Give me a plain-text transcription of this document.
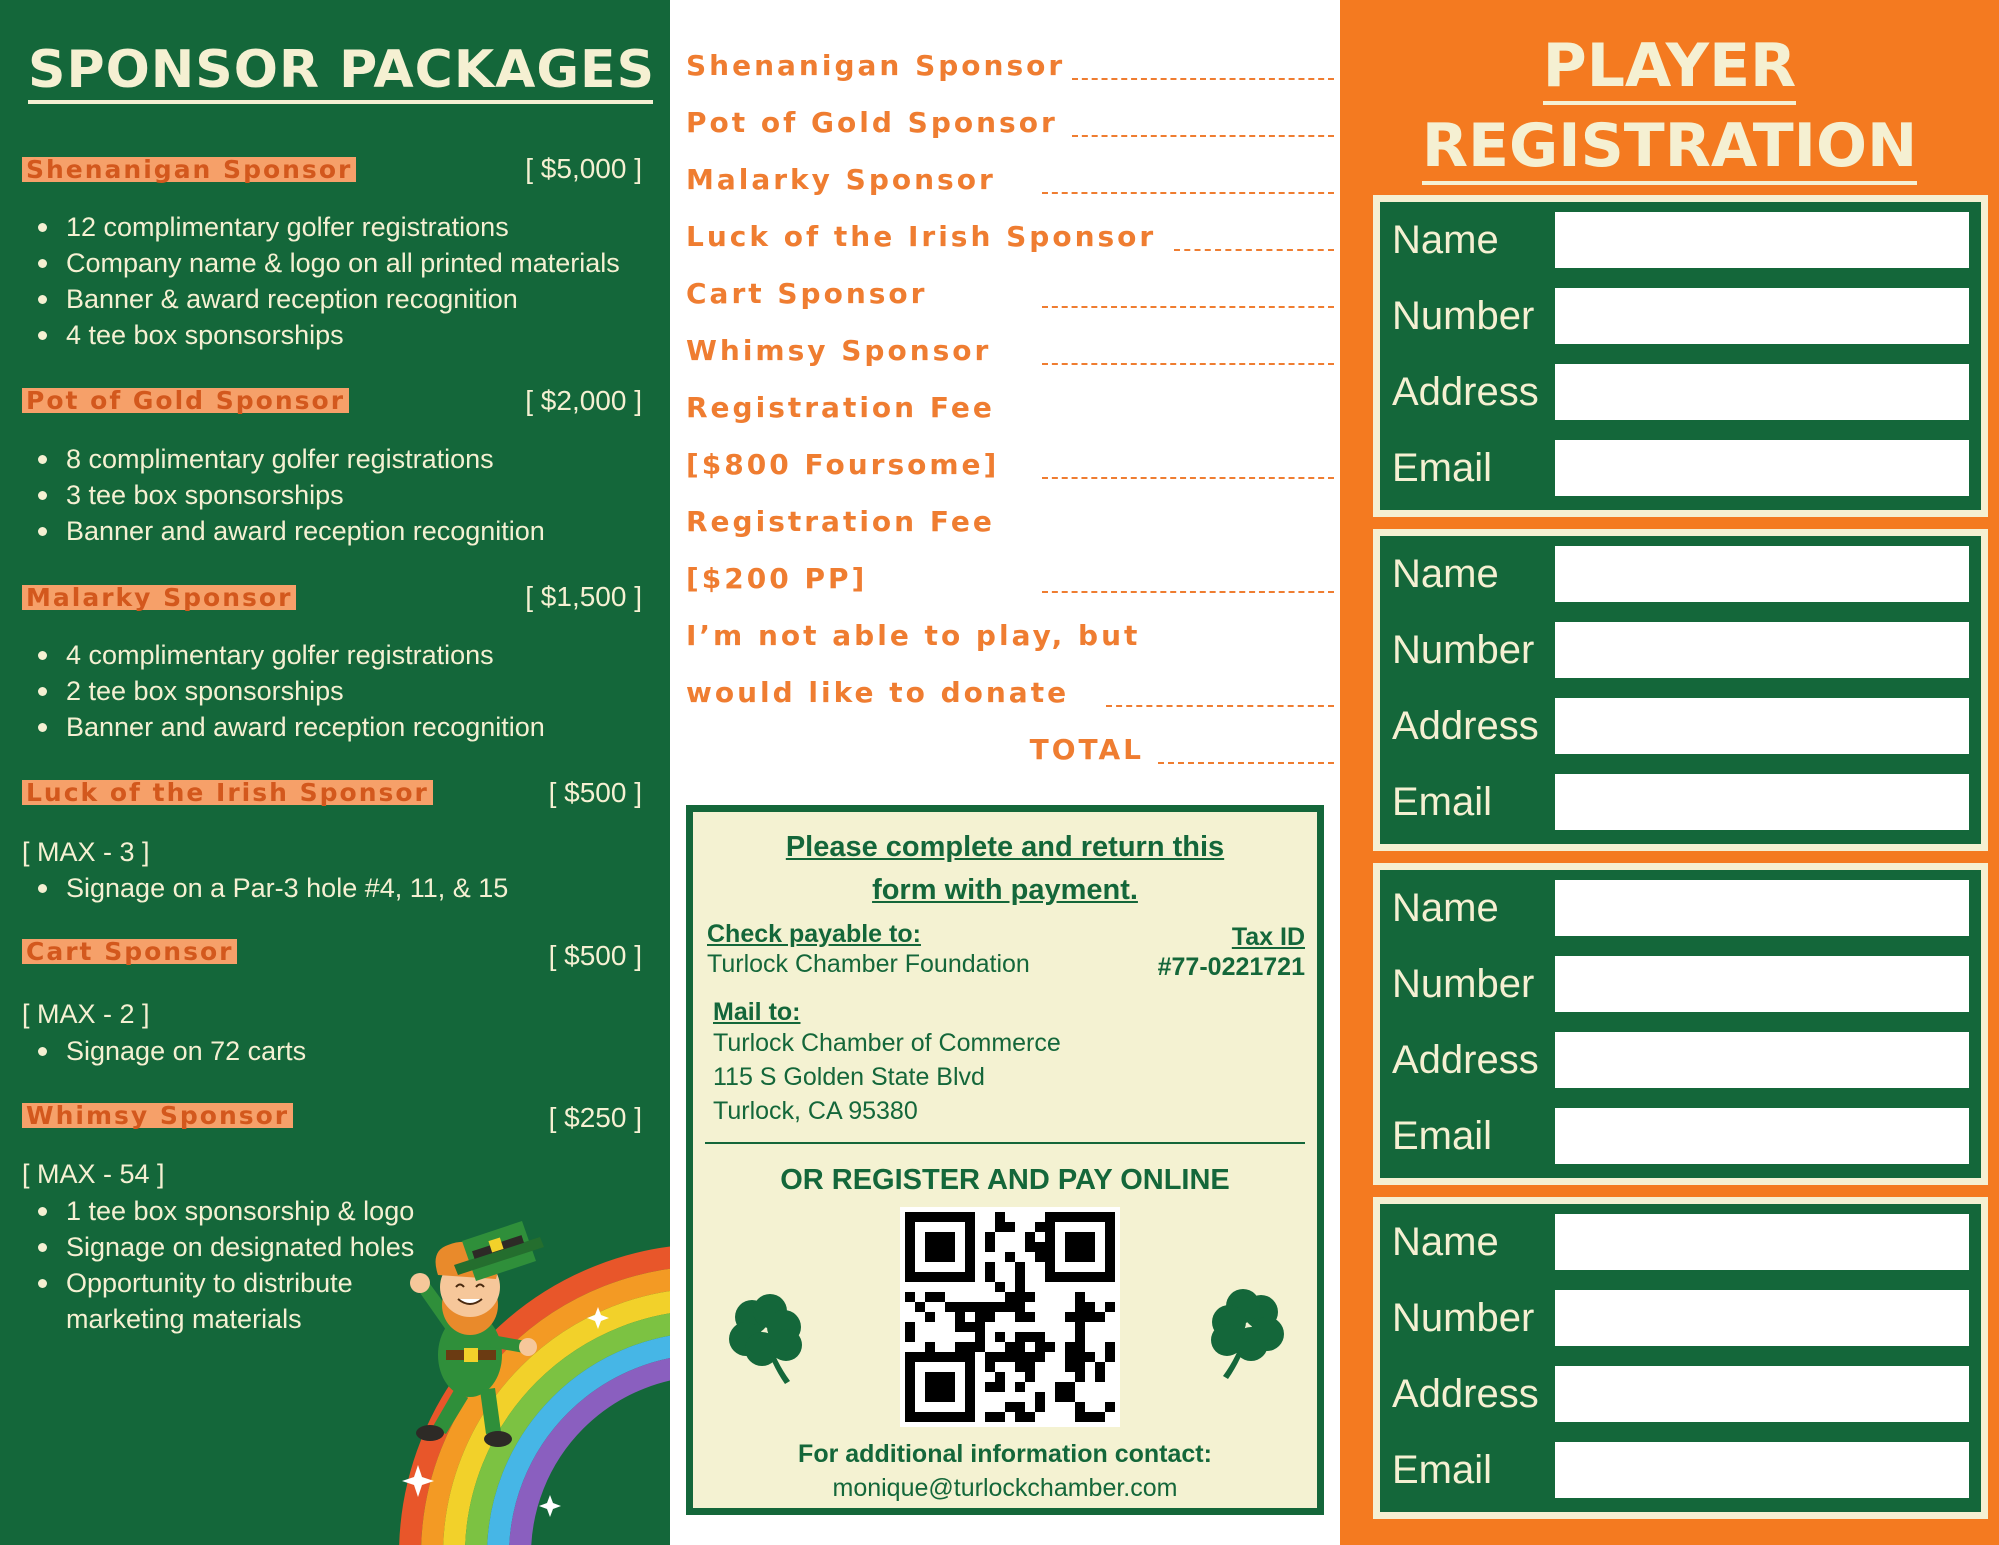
SPONSOR PACKAGES
Shenanigan Sponsor	[ $5,000 ]
12 complimentary golfer registrations
Company name & logo on all printed materials
Banner & award reception recognition
4 tee box sponsorships
Pot of Gold Sponsor	[ $2,000 ]
8 complimentary golfer registrations
3 tee box sponsorships
Banner and award reception recognition
Malarky Sponsor	[ $1,500 ]
4 complimentary golfer registrations
2 tee box sponsorships
Banner and award reception recognition
Luck of the Irish Sponsor	[ $500 ]
[ MAX - 3 ]
Signage on a Par-3 hole #4, 11, & 15
Cart Sponsor	[ $500 ]
[ MAX - 2 ]
Signage on 72 carts
Whimsy Sponsor	[ $250 ]
[ MAX - 54 ]
1 tee box sponsorship & logo
Signage on designated holes
Opportunity to distribute
marketing materials
Shenanigan Sponsor
Pot of Gold Sponsor
Malarky Sponsor
Luck of the Irish Sponsor
Cart Sponsor
Whimsy Sponsor
Registration Fee
[$800 Foursome]
Registration Fee
[$200 PP]
I’m not able to play, but
would like to donate
TOTAL
Please complete and return this
form with payment.
Check payable to:
Turlock Chamber Foundation
Tax ID
#77-0221721
Mail to:
Turlock Chamber of Commerce
115 S Golden State Blvd
Turlock, CA 95380
OR REGISTER AND PAY ONLINE
For additional information contact:
monique@turlockchamber.com
PLAYER
REGISTRATION
Name
Number
Address
Email
Name
Number
Address
Email
Name
Number
Address
Email
Name
Number
Address
Email
